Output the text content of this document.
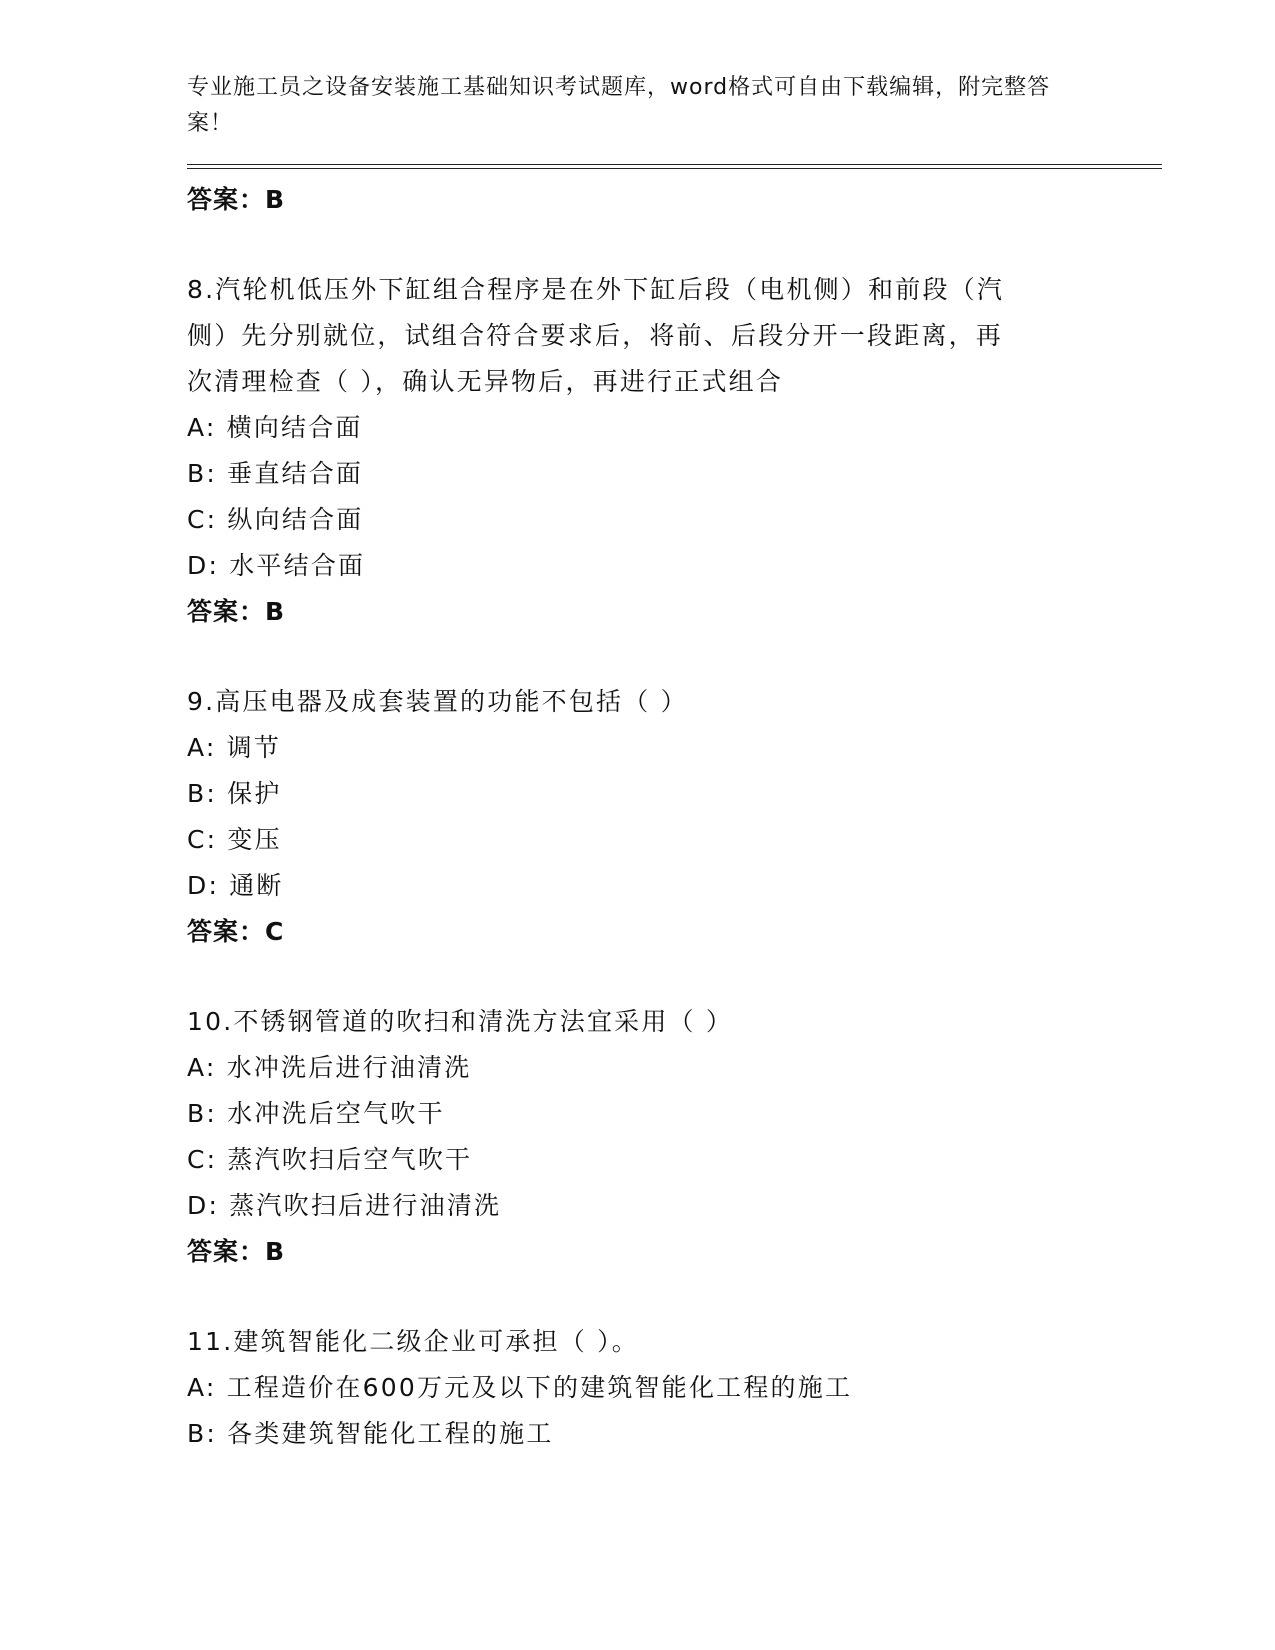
专业施工员之设备安装施工基础知识考试题库，word格式可自由下载编辑，附完整答案！
答案：B
8.汽轮机低压外下缸组合程序是在外下缸后段（电机侧）和前段（汽
侧）先分别就位，试组合符合要求后，将前、后段分开一段距离，再
次清理检查（ ），确认无异物后，再进行正式组合
A: 横向结合面
B: 垂直结合面
C: 纵向结合面
D: 水平结合面
答案：B
9.高压电器及成套装置的功能不包括（ ）
A: 调节
B: 保护
C: 变压
D: 通断
答案：C
10.不锈钢管道的吹扫和清洗方法宜采用（ ）
A: 水冲洗后进行油清洗
B: 水冲洗后空气吹干
C: 蒸汽吹扫后空气吹干
D: 蒸汽吹扫后进行油清洗
答案：B
11.建筑智能化二级企业可承担（ ）。
A: 工程造价在600万元及以下的建筑智能化工程的施工
B: 各类建筑智能化工程的施工
